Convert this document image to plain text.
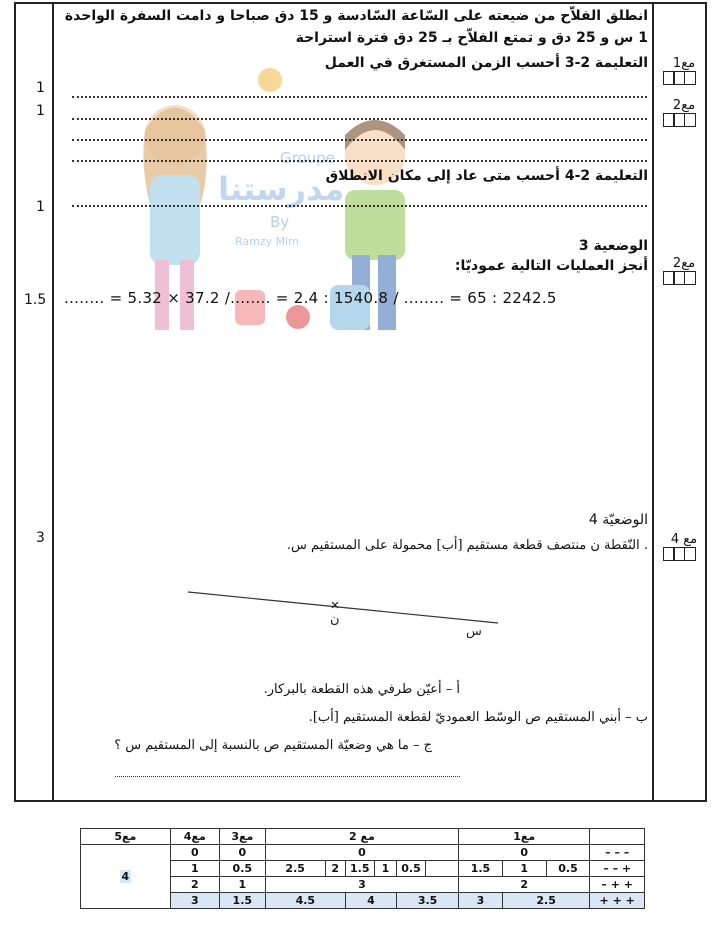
Groupe
مدرستنا
By
Ramzy Mim
انطلق الفلاّح من ضيعته على السّاعة السّادسة و 15 دق صباحا و دامت السفرة الواحدة
1 س و 25 دق و تمتع الفلاّح بـ 25 دق فترة استراحة
التعليمة 2-3 أحسب الزمن المستغرق في العمل
التعليمة 2-4 أحسب متى عاد إلى مكان الانطلاق
الوضعية 3
أنجز العمليات التالية عموديّا:
........ = 5.32 × 37.2 /........ = 2.4 : 1540.8 / ........ = 65 : 2242.5
الوضعيّة 4
. النّقطة ن منتصف قطعة مستقيم [أب] محمولة على المستقيم س.
ن
س
أ – أعيّن طرفي هذه القطعة بالبركار.
ب – أبني المستقيم ص الوسّط العموديّ لقطعة المستقيم [أب].
ج – ما هي وضعيّة المستقيم ص بالنسبة إلى المستقيم س ؟
مع1
مع2
مع2
مع 4
1
1
1
1.5
3
مع5	مع4	مع3	مع 2						مع1			
4	0	0	0						0			– – –
	1	0.5	2.5	2	1.5	1	0.5		1.5	1	0.5	– – +
	2	1	3						2			– + +
	3	1.5	4.5		4		3.5		3	2.5		+ + +
